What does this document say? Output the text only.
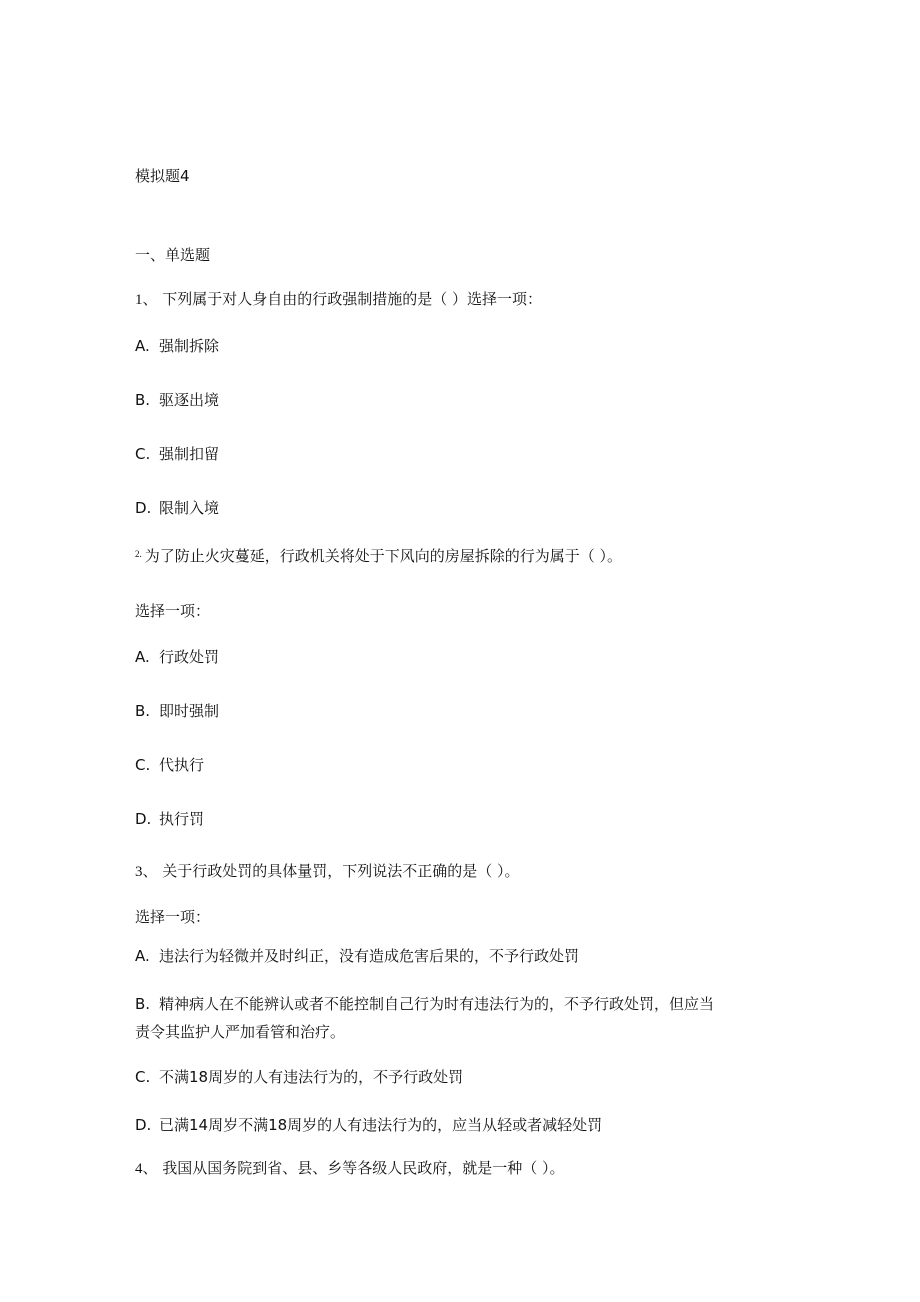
模拟题4
一、单选题
1、 下列属于对人身自由的行政强制措施的是（ ）选择一项：
A. 强制拆除
B. 驱逐出境
C. 强制扣留
D. 限制入境
$^{2.}$ 为了防止火灾蔓延，行政机关将处于下风向的房屋拆除的行为属于（ ）。
选择一项：
A. 行政处罚
B. 即时强制
C. 代执行
D. 执行罚
3、 关于行政处罚的具体量罚，下列说法不正确的是（ ）。
选择一项：
A. 违法行为轻微并及时纠正，没有造成危害后果的，不予行政处罚
B. 精神病人在不能辨认或者不能控制自己行为时有违法行为的，不予行政处罚，但应当
责令其监护人严加看管和治疗。
C. 不满18周岁的人有违法行为的，不予行政处罚
D. 已满14周岁不满18周岁的人有违法行为的，应当从轻或者减轻处罚
4、 我国从国务院到省、县、乡等各级人民政府，就是一种（ ）。
